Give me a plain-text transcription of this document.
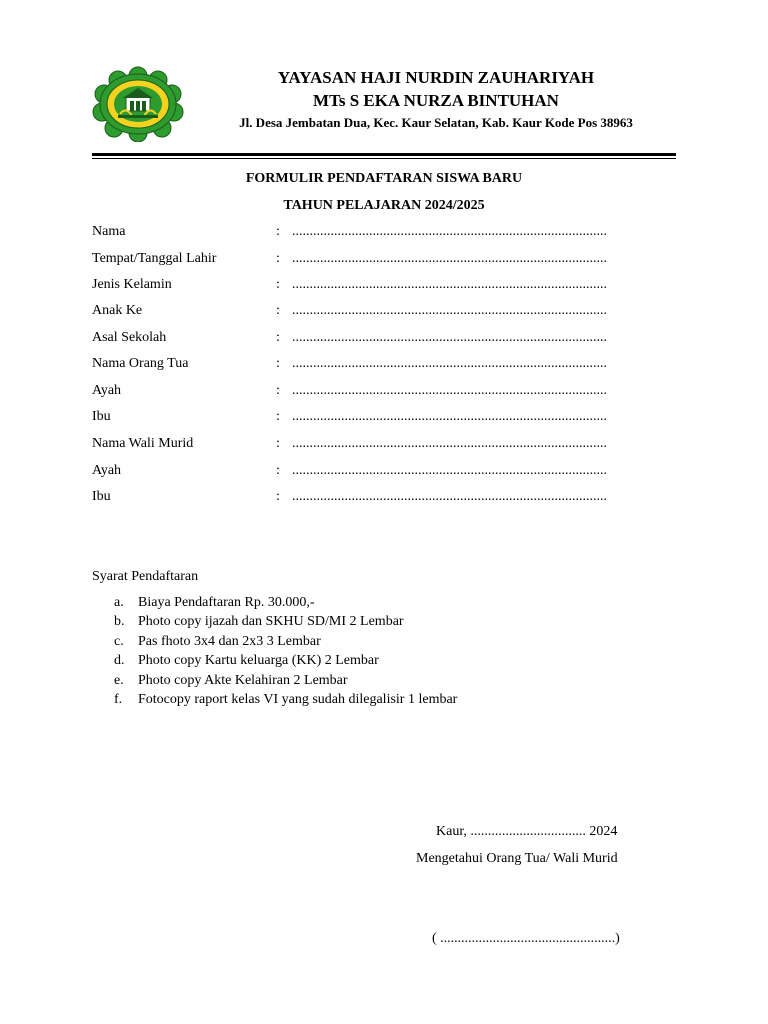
YAYASAN HAJI NURDIN ZAUHARIYAH
MTs S EKA NURZA BINTUHAN
Jl. Desa Jembatan Dua, Kec. Kaur Selatan, Kab. Kaur Kode Pos 38963
FORMULIR PENDAFTARAN SISWA BARU
TAHUN PELAJARAN 2024/2025
Nama	: ..........................................................................................
Tempat/Tanggal Lahir	: ..........................................................................................
Jenis Kelamin	: ..........................................................................................
Anak Ke	: ..........................................................................................
Asal Sekolah	: ..........................................................................................
Nama Orang Tua	: ..........................................................................................
Ayah	: ..........................................................................................
Ibu	: ..........................................................................................
Nama Wali Murid	: ..........................................................................................
Ayah	: ..........................................................................................
Ibu	: ..........................................................................................
Syarat Pendaftaran
a. Biaya Pendaftaran Rp. 30.000,-
b. Photo copy ijazah dan SKHU SD/MI 2 Lembar
c. Pas fhoto 3x4 dan 2x3 3 Lembar
d. Photo copy Kartu keluarga (KK) 2 Lembar
e. Photo copy Akte Kelahiran 2 Lembar
f. Fotocopy raport kelas VI yang sudah dilegalisir 1 lembar
Kaur, ................................. 2024
Mengetahui Orang Tua/ Wali Murid
( ..................................................)
